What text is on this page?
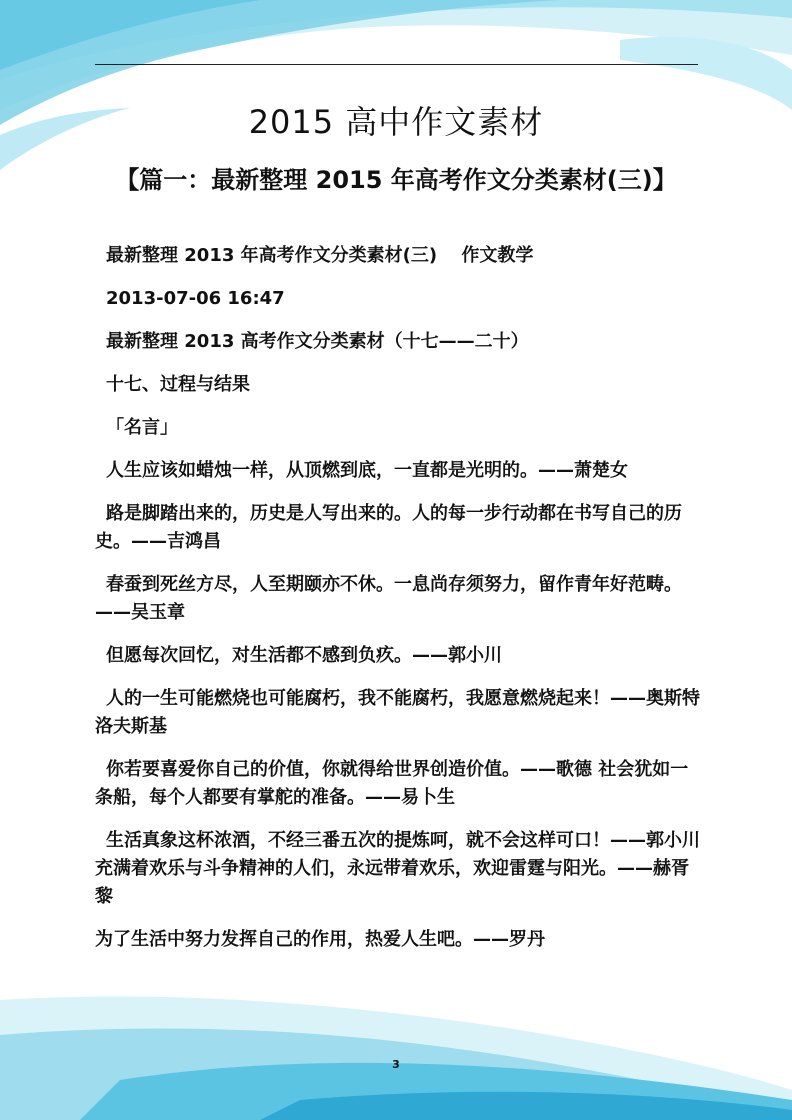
2015 高中作文素材
【篇一：最新整理 2015 年高考作文分类素材(三)】

最新整理 2013 年高考作文分类素材(三)　 作文教学

2013-07-06 16:47

最新整理 2013 高考作文分类素材（十七——二十）

十七、过程与结果

「名言」

人生应该如蜡烛一样，从顶燃到底，一直都是光明的。——萧楚女

路是脚踏出来的，历史是人写出来的。人的每一步行动都在书写自己的历史。——吉鸿昌

春蚕到死丝方尽，人至期颐亦不休。一息尚存须努力，留作青年好范畴。——吴玉章

但愿每次回忆，对生活都不感到负疚。——郭小川

人的一生可能燃烧也可能腐朽，我不能腐朽，我愿意燃烧起来！——奥斯特洛夫斯基

你若要喜爱你自己的价值，你就得给世界创造价值。——歌德 社会犹如一条船，每个人都要有掌舵的准备。——易卜生

生活真象这杯浓酒，不经三番五次的提炼呵，就不会这样可口！——郭小川 充满着欢乐与斗争精神的人们，永远带着欢乐，欢迎雷霆与阳光。——赫胥黎

为了生活中努力发挥自己的作用，热爱人生吧。——罗丹

3
